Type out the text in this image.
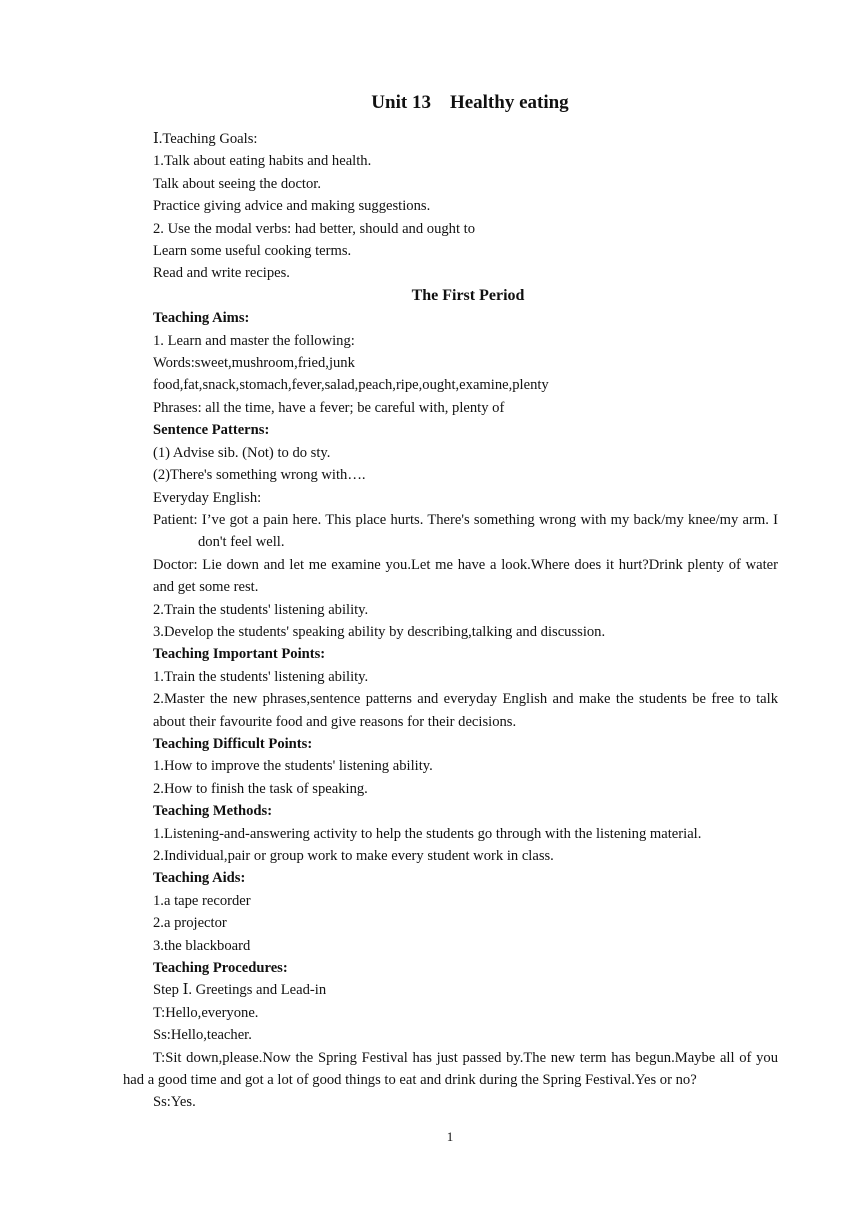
Unit 13    Healthy eating
Ⅰ.Teaching Goals:
1.Talk about eating habits and health.
Talk about seeing the doctor.
Practice giving advice and making suggestions.
2. Use the modal verbs: had better, should and ought to
Learn some useful cooking terms.
Read and write recipes.
The First Period
Teaching Aims:
1. Learn and master the following:
Words:sweet,mushroom,fried,junk
food,fat,snack,stomach,fever,salad,peach,ripe,ought,examine,plenty
Phrases: all the time, have a fever; be careful with, plenty of
Sentence Patterns:
(1) Advise sib. (Not) to do sty.
(2)There's something wrong with….
Everyday English:
Patient: I’ve got a pain here. This place hurts. There's something wrong with my back/my knee/my arm. I don't feel well.
Doctor: Lie down and let me examine you.Let me have a look.Where does it hurt?Drink plenty of water and get some rest.
2.Train the students' listening ability.
3.Develop the students' speaking ability by describing,talking and discussion.
Teaching Important Points:
1.Train the students' listening ability.
2.Master the new phrases,sentence patterns and everyday English and make the students be free to talk about their favourite food and give reasons for their decisions.
Teaching Difficult Points:
1.How to improve the students' listening ability.
2.How to finish the task of speaking.
Teaching Methods:
1.Listening-and-answering activity to help the students go through with the listening material.
2.Individual,pair or group work to make every student work in class.
Teaching Aids:
1.a tape recorder
2.a projector
3.the blackboard
Teaching Procedures:
Step Ⅰ. Greetings and Lead-in
T:Hello,everyone.
Ss:Hello,teacher.
T:Sit down,please.Now the Spring Festival has just passed by.The new term has begun.Maybe all of you had a good time and got a lot of good things to eat and drink during the Spring Festival.Yes or no?
Ss:Yes.
1
